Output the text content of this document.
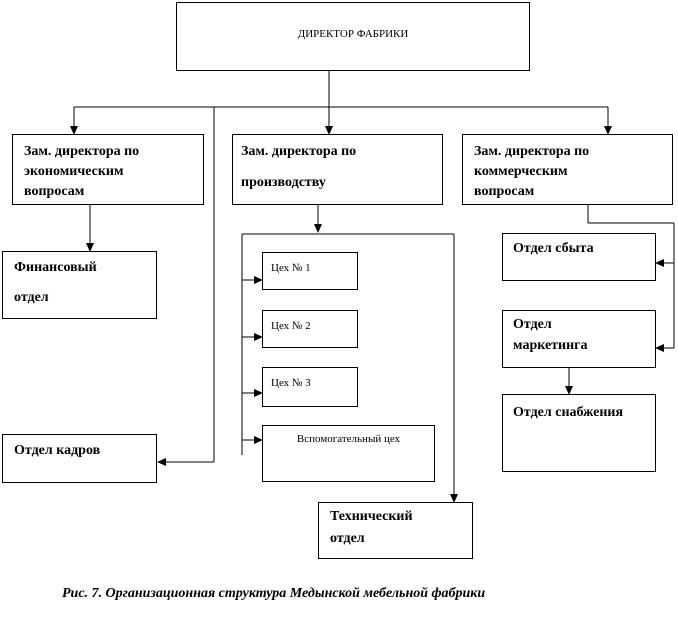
ДИРЕКТОР ФАБРИКИ
Зам. директора по
экономическим
вопросам
Зам. директора по
производству
Зам. директора по
коммерческим
вопросам
Финансовый
отдел
Отдел кадров
Цех № 1
Цех № 2
Цех № 3
Вспомогательный цех
Технический
отдел
Отдел сбыта
Отдел
маркетинга
Отдел снабжения
Рис. 7. Организационная структура Медынской мебельной фабрики
